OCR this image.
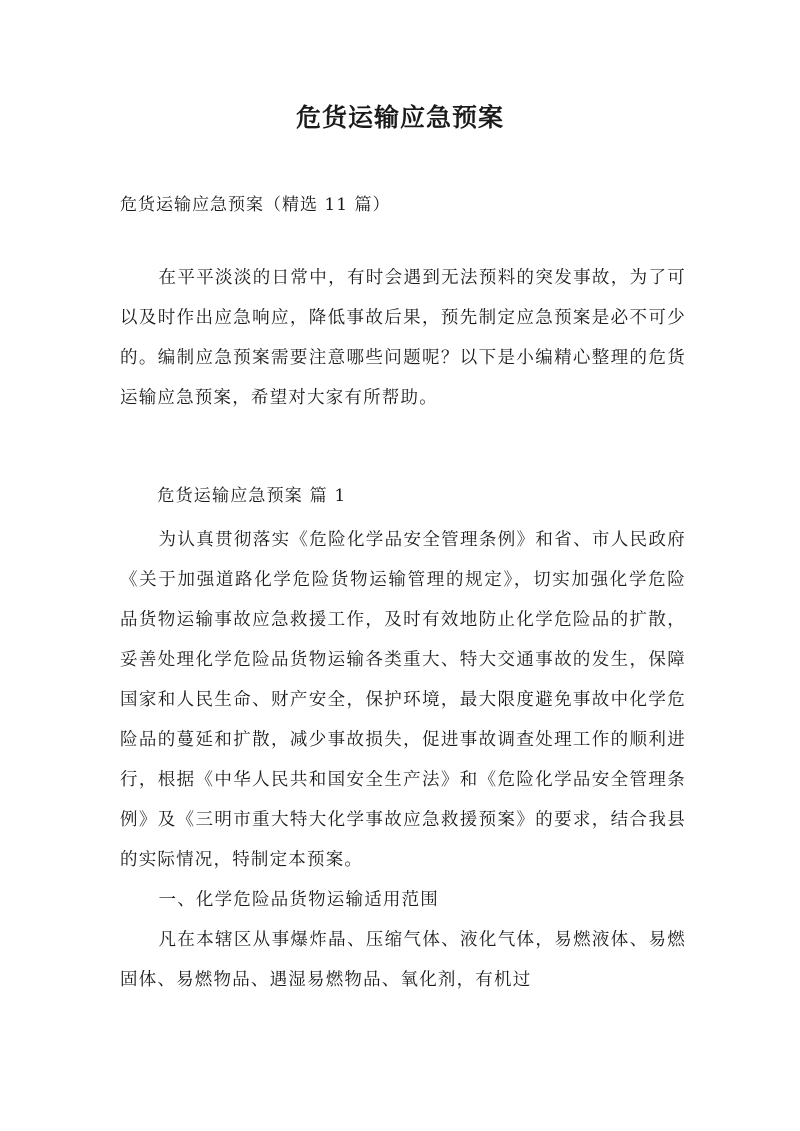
危货运输应急预案

危货运输应急预案（精选 11 篇）

在平平淡淡的日常中，有时会遇到无法预料的突发事故，为了可以及时作出应急响应，降低事故后果，预先制定应急预案是必不可少的。编制应急预案需要注意哪些问题呢？以下是小编精心整理的危货运输应急预案，希望对大家有所帮助。

危货运输应急预案 篇 1

为认真贯彻落实《危险化学品安全管理条例》和省、市人民政府《关于加强道路化学危险货物运输管理的规定》，切实加强化学危险品货物运输事故应急救援工作，及时有效地防止化学危险品的扩散，妥善处理化学危险品货物运输各类重大、特大交通事故的发生，保障国家和人民生命、财产安全，保护环境，最大限度避免事故中化学危险品的蔓延和扩散，减少事故损失，促进事故调查处理工作的顺利进行，根据《中华人民共和国安全生产法》和《危险化学品安全管理条例》及《三明市重大特大化学事故应急救援预案》的要求，结合我县的实际情况，特制定本预案。

一、化学危险品货物运输适用范围

凡在本辖区从事爆炸晶、压缩气体、液化气体，易燃液体、易燃固体、易燃物品、遇湿易燃物品、氧化剂，有机过
